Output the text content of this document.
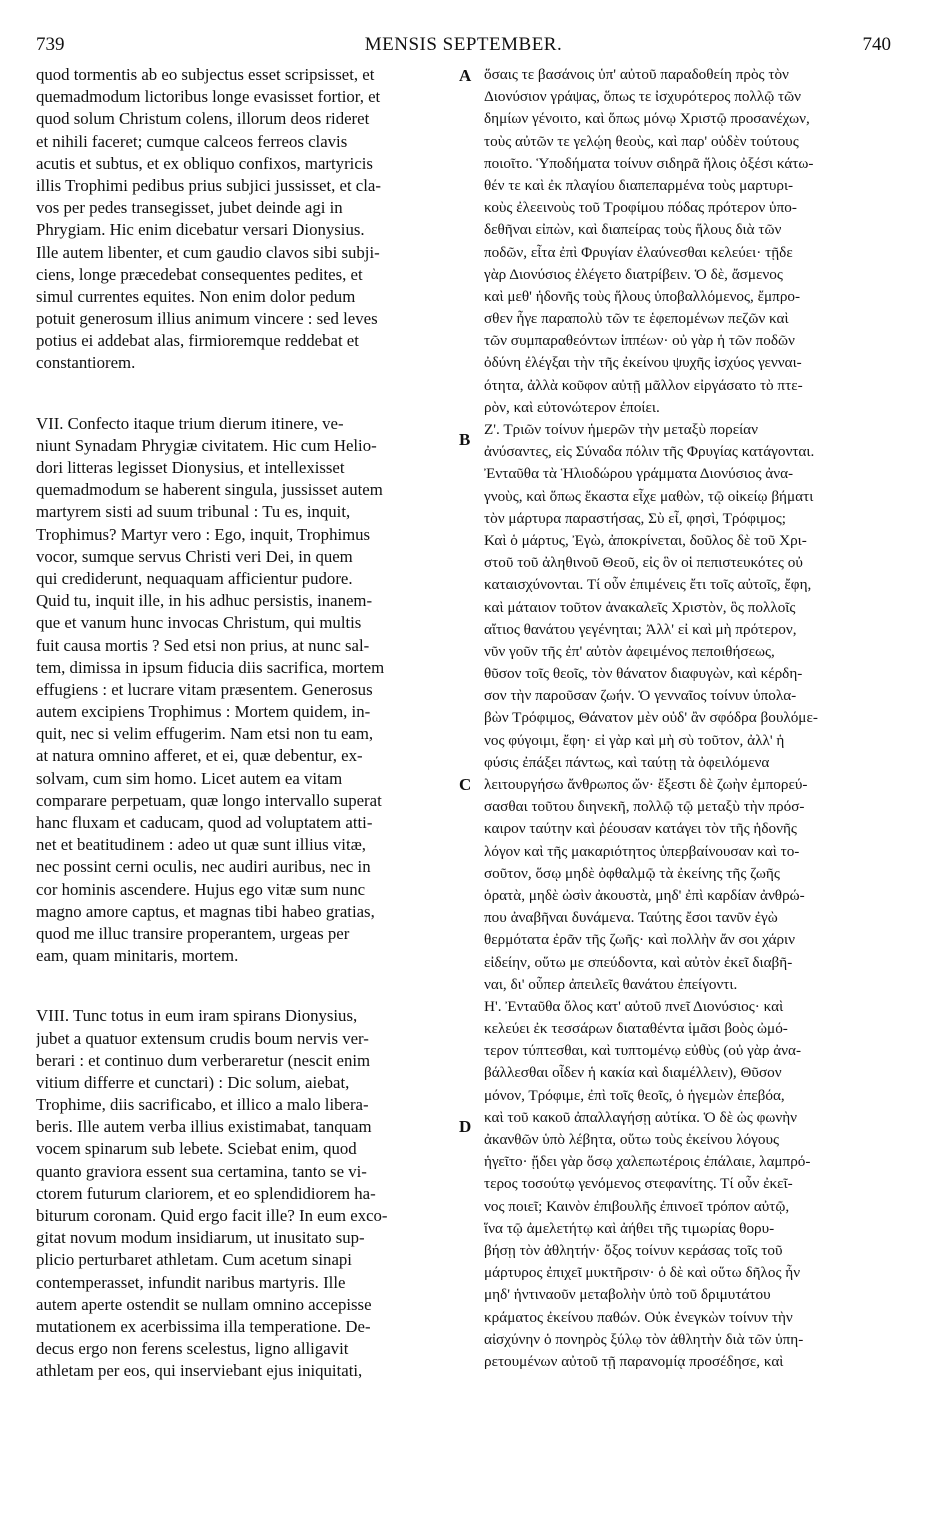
739	MENSIS SEPTEMBER.	740
A
B
C
D
quod tormentis ab eo subjectus esset scripsisset, et
quemadmodum lictoribus longe evasisset fortior, et
quod solum Christum colens, illorum deos rideret
et nihili faceret; cumque calceos ferreos clavis
acutis et subtus, et ex obliquo confixos, martyricis
illis Trophimi pedibus prius subjici jussisset, et cla-
vos per pedes transegisset, jubet deinde agi in
Phrygiam. Hic enim dicebatur versari Dionysius.
Ille autem libenter, et cum gaudio clavos sibi subji-
ciens, longe præcedebat consequentes pedites, et
simul currentes equites. Non enim dolor pedum
potuit generosum illius animum vincere : sed leves
potius ei addebat alas, firmioremque reddebat et
constantiorem.
VII. Confecto itaque trium dierum itinere, ve-
niunt Synadam Phrygiæ civitatem. Hic cum Helio-
dori litteras legisset Dionysius, et intellexisset
quemadmodum se haberent singula, jussisset autem
martyrem sisti ad suum tribunal : Tu es, inquit,
Trophimus? Martyr vero : Ego, inquit, Trophimus
vocor, sumque servus Christi veri Dei, in quem
qui crediderunt, nequaquam afficientur pudore.
Quid tu, inquit ille, in his adhuc persistis, inanem-
que et vanum hunc invocas Christum, qui multis
fuit causa mortis ? Sed etsi non prius, at nunc sal-
tem, dimissa in ipsum fiducia diis sacrifica, mortem
effugiens : et lucrare vitam præsentem. Generosus
autem excipiens Trophimus : Mortem quidem, in-
quit, nec si velim effugerim. Nam etsi non tu eam,
at natura omnino afferet, et ei, quæ debentur, ex-
solvam, cum sim homo. Licet autem ea vitam
comparare perpetuam, quæ longo intervallo superat
hanc fluxam et caducam, quod ad voluptatem atti-
net et beatitudinem : adeo ut quæ sunt illius vitæ,
nec possint cerni oculis, nec audiri auribus, nec in
cor hominis ascendere. Hujus ego vitæ sum nunc
magno amore captus, et magnas tibi habeo gratias,
quod me illuc transire properantem, urgeas per
eam, quam minitaris, mortem.
VIII. Tunc totus in eum iram spirans Dionysius,
jubet a quatuor extensum crudis boum nervis ver-
berari : et continuo dum verberaretur (nescit enim
vitium differre et cunctari) : Dic solum, aiebat,
Trophime, diis sacrificabo, et illico a malo libera-
beris. Ille autem verba illius existimabat, tanquam
vocem spinarum sub lebete. Sciebat enim, quod
quanto graviora essent sua certamina, tanto se vi-
ctorem futurum clariorem, et eo splendidiorem ha-
biturum coronam. Quid ergo facit ille? In eum exco-
gitat novum modum insidiarum, ut inusitato sup-
plicio perturbaret athletam. Cum acetum sinapi
contemperasset, infundit naribus martyris. Ille
autem aperte ostendit se nullam omnino accepisse
mutationem ex acerbissima illa temperatione. De-
decus ergo non ferens scelestus, ligno alligavit
athletam per eos, qui inserviebant ejus iniquitati,
ὅσαις τε βασάνοις ὑπ' αὐτοῦ παραδοθείη πρὸς τὸν
Διονύσιον γράψας, ὅπως τε ἰσχυρότερος πολλῷ τῶν
δημίων γένοιτο, καὶ ὅπως μόνῳ Χριστῷ προσανέχων,
τοὺς αὐτῶν τε γελῴη θεοὺς, καὶ παρ' οὐδὲν τούτους
ποιοῖτο. Ὑποδήματα τοίνυν σιδηρᾶ ἥλοις ὀξέσι κάτω-
θέν τε καὶ ἐκ πλαγίου διαπεπαρμένα τοὺς μαρτυρι-
κοὺς ἐλεεινοὺς τοῦ Τροφίμου πόδας πρότερον ὑπο-
δεθῆναι εἰπὼν, καὶ διαπείρας τοὺς ἥλους διὰ τῶν
ποδῶν, εἶτα ἐπὶ Φρυγίαν ἐλαύνεσθαι κελεύει· τῇδε
γὰρ Διονύσιος ἐλέγετο διατρίβειν. Ὁ δὲ, ἄσμενος
καὶ μεθ' ἡδονῆς τοὺς ἥλους ὑποβαλλόμενος, ἔμπρο-
σθεν ἦγε παραπολὺ τῶν τε ἑφεπομένων πεζῶν καὶ
τῶν συμπαραθεόντων ἱππέων· οὐ γὰρ ἡ τῶν ποδῶν
ὀδύνη ἐλέγξαι τὴν τῆς ἐκείνου ψυχῆς ἰσχύος γενναι-
ότητα, ἀλλὰ κοῦφον αὐτῇ μᾶλλον εἰργάσατο τὸ πτε-
ρὸν, καὶ εὐτονώτερον ἐποίει.
Ζ'. Τριῶν τοίνυν ἡμερῶν τὴν μεταξὺ πορείαν
ἀνύσαντες, εἰς Σύναδα πόλιν τῆς Φρυγίας κατάγονται.
Ἐνταῦθα τὰ Ἡλιοδώρου γράμματα Διονύσιος ἀνα-
γνοὺς, καὶ ὅπως ἕκαστα εἶχε μαθὼν, τῷ οἰκείῳ βήματι
τὸν μάρτυρα παραστήσας, Σὺ εἶ, φησὶ, Τρόφιμος;
Καὶ ὁ μάρτυς, Ἐγὼ, ἀποκρίνεται, δοῦλος δὲ τοῦ Χρι-
στοῦ τοῦ ἀληθινοῦ Θεοῦ, εἰς ὃν οἱ πεπιστευκότες οὐ
καταισχύνονται. Τί οὖν ἐπιμένεις ἔτι τοῖς αὐτοῖς, ἔφη,
καὶ μάταιον τοῦτον ἀνακαλεῖς Χριστὸν, ὃς πολλοῖς
αἴτιος θανάτου γεγένηται; Ἀλλ' εἰ καὶ μὴ πρότερον,
νῦν γοῦν τῆς ἐπ' αὐτὸν ἀφειμένος πεποιθήσεως,
θῦσον τοῖς θεοῖς, τὸν θάνατον διαφυγὼν, καὶ κέρδη-
σον τὴν παροῦσαν ζωήν. Ὁ γενναῖος τοίνυν ὑπολα-
βὼν Τρόφιμος, Θάνατον μὲν οὐδ' ἂν σφόδρα βουλόμε-
νος φύγοιμι, ἔφη· εἰ γὰρ καὶ μὴ σὺ τοῦτον, ἀλλ' ἡ
φύσις ἐπάξει πάντως, καὶ ταύτῃ τὰ ὀφειλόμενα
λειτουργήσω ἄνθρωπος ὤν· ἔξεστι δὲ ζωὴν ἐμπορεύ-
σασθαι τοῦτου διηνεκῆ, πολλῷ τῷ μεταξὺ τὴν πρόσ-
καιρον ταύτην καὶ ῥέουσαν κατάγει τὸν τῆς ἡδονῆς
λόγον καὶ τῆς μακαριότητος ὑπερβαίνουσαν καὶ το-
σοῦτον, ὅσῳ μηδὲ ὀφθαλμῷ τὰ ἐκείνης τῆς ζωῆς
ὁρατὰ, μηδὲ ὠσὶν ἀκουστὰ, μηδ' ἐπὶ καρδίαν ἀνθρώ-
που ἀναβῆναι δυνάμενα. Ταύτης ἔσοι τανῦν ἐγὼ
θερμότατα ἐρᾶν τῆς ζωῆς· καὶ πολλὴν ἄν σοι χάριν
εἰδείην, οὕτω με σπεύδοντα, καὶ αὐτὸν ἐκεῖ διαβῆ-
ναι, δι' οὗπερ ἀπειλεῖς θανάτου ἐπείγοντι.
Η'. Ἐνταῦθα ὅλος κατ' αὐτοῦ πνεῖ Διονύσιος· καὶ
κελεύει ἐκ τεσσάρων διαταθέντα ἱμᾶσι βοὸς ὠμό-
τερον τύπτεσθαι, καὶ τυπτομένῳ εὐθὺς (οὐ γὰρ ἀνα-
βάλλεσθαι οἶδεν ἡ κακία καὶ διαμέλλειν), Θῦσον
μόνον, Τρόφιμε, ἐπὶ τοῖς θεοῖς, ὁ ἡγεμὼν ἐπεβόα,
καὶ τοῦ κακοῦ ἀπαλλαγήσῃ αὐτίκα. Ὁ δὲ ὡς φωνὴν
ἀκανθῶν ὑπὸ λέβητα, οὕτω τοὺς ἐκείνου λόγους
ἡγεῖτο· ᾔδει γὰρ ὅσῳ χαλεπωτέροις ἐπάλαιε, λαμπρό-
τερος τοσούτῳ γενόμενος στεφανίτης. Τί οὖν ἐκεῖ-
νος ποιεῖ; Καινὸν ἐπιβουλῆς ἐπινοεῖ τρόπον αὐτῷ,
ἵνα τῷ ἀμελετήτῳ καὶ ἀήθει τῆς τιμωρίας θορυ-
βήσῃ τὸν ἀθλητήν· ὄξος τοίνυν κεράσας τοῖς τοῦ
μάρτυρος ἐπιχεῖ μυκτῆρσιν· ὁ δὲ καὶ οὕτω δῆλος ἦν
μηδ' ἡντιναοῦν μεταβολὴν ὑπὸ τοῦ δριμυτάτου
κράματος ἐκείνου παθών. Οὐκ ἐνεγκὼν τοίνυν τὴν
αἰσχύνην ὁ πονηρὸς ξύλῳ τὸν ἀθλητὴν διὰ τῶν ὑπη-
ρετουμένων αὐτοῦ τῇ παρανομίᾳ προσέδησε, καὶ
